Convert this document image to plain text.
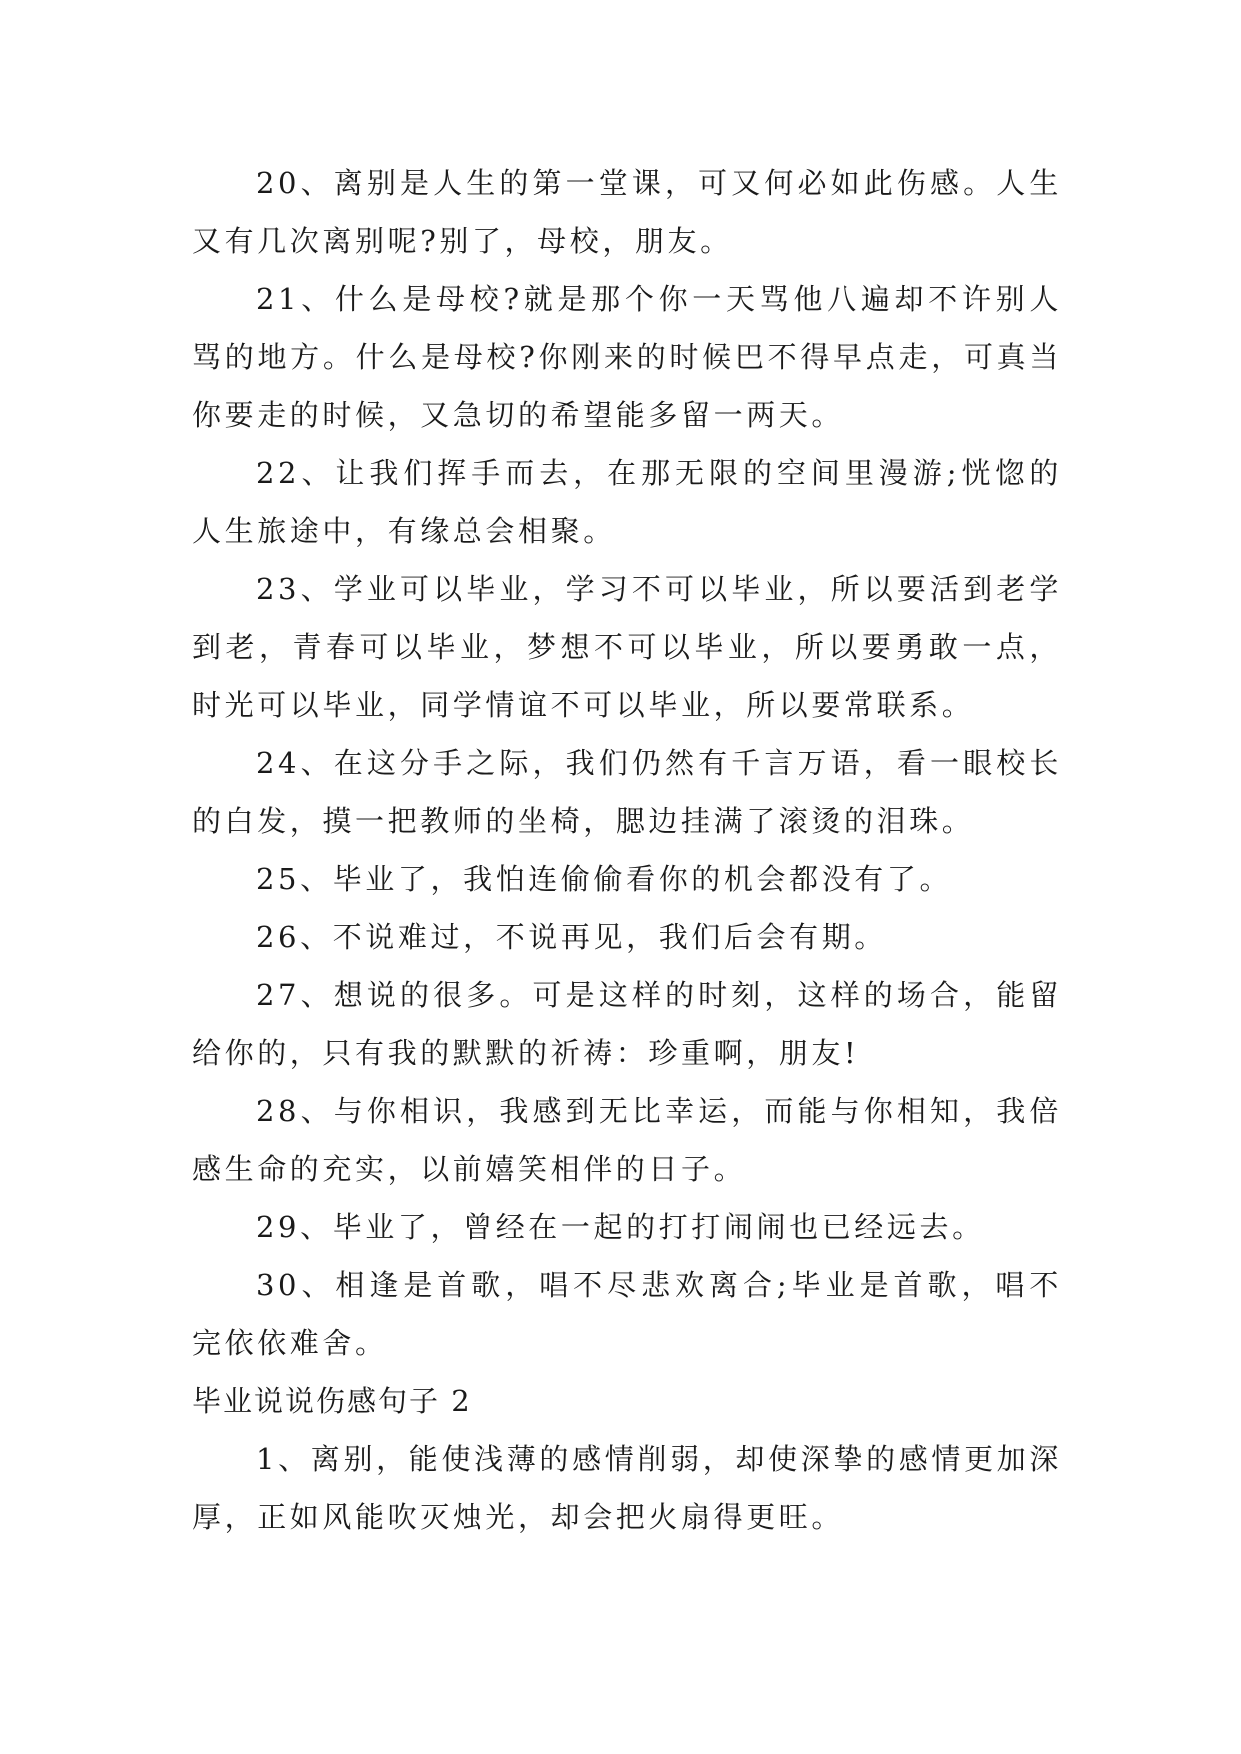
20、离别是人生的第一堂课，可又何必如此伤感。人生又有几次离别呢?别了，母校，朋友。

21、什么是母校?就是那个你一天骂他八遍却不许别人骂的地方。什么是母校?你刚来的时候巴不得早点走，可真当你要走的时候，又急切的希望能多留一两天。

22、让我们挥手而去，在那无限的空间里漫游;恍惚的人生旅途中，有缘总会相聚。

23、学业可以毕业，学习不可以毕业，所以要活到老学到老，青春可以毕业，梦想不可以毕业，所以要勇敢一点，时光可以毕业，同学情谊不可以毕业，所以要常联系。

24、在这分手之际，我们仍然有千言万语，看一眼校长的白发，摸一把教师的坐椅，腮边挂满了滚烫的泪珠。

25、毕业了，我怕连偷偷看你的机会都没有了。

26、不说难过，不说再见，我们后会有期。

27、想说的很多。可是这样的时刻，这样的场合，能留给你的，只有我的默默的祈祷：珍重啊，朋友!

28、与你相识，我感到无比幸运，而能与你相知，我倍感生命的充实，以前嬉笑相伴的日子。

29、毕业了，曾经在一起的打打闹闹也已经远去。

30、相逢是首歌，唱不尽悲欢离合;毕业是首歌，唱不完依依难舍。

毕业说说伤感句子 2

1、离别，能使浅薄的感情削弱，却使深挚的感情更加深厚，正如风能吹灭烛光，却会把火扇得更旺。
